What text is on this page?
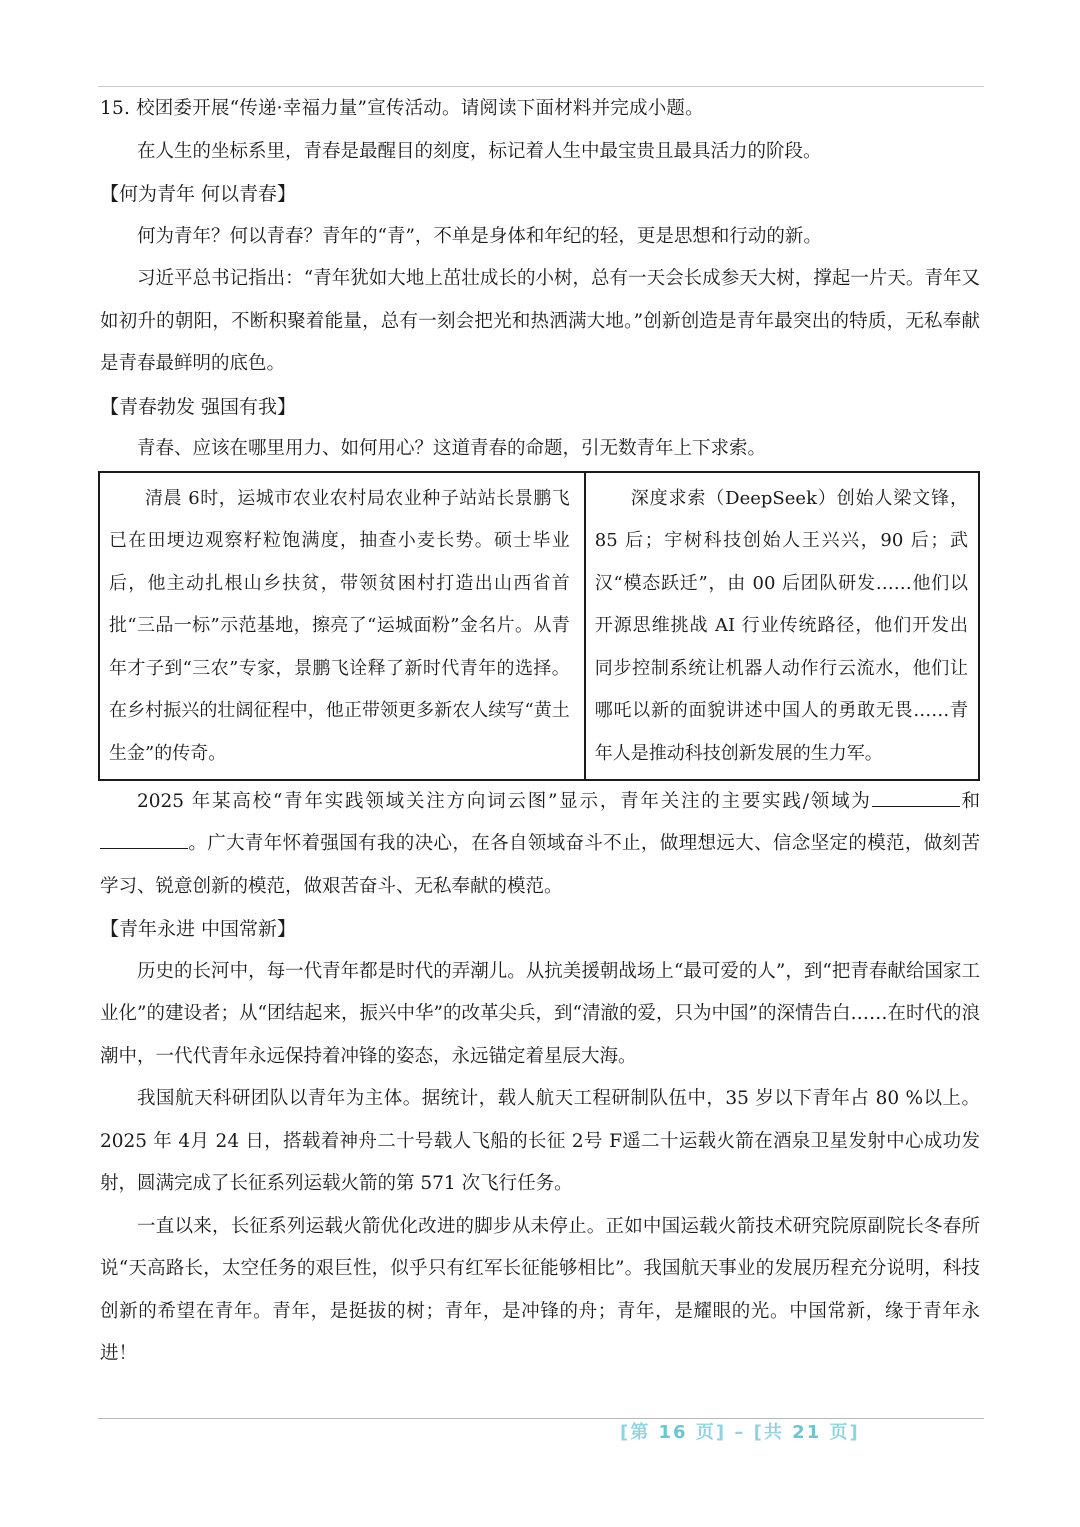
15. 校团委开展“传递·幸福力量”宣传活动。请阅读下面材料并完成小题。

在人生的坐标系里，青春是最醒目的刻度，标记着人生中最宝贵且最具活力的阶段。

【何为青年 何以青春】

何为青年？何以青春？青年的“青”，不单是身体和年纪的轻，更是思想和行动的新。

习近平总书记指出：“青年犹如大地上茁壮成长的小树，总有一天会长成参天大树，撑起一片天。青年又如初升的朝阳，不断积聚着能量，总有一刻会把光和热洒满大地。”创新创造是青年最突出的特质，无私奉献是青春最鲜明的底色。

【青春勃发 强国有我】

青春、应该在哪里用力、如何用心？这道青春的命题，引无数青年上下求索。

清晨 6时，运城市农业农村局农业种子站站长景鹏飞已在田埂边观察籽粒饱满度，抽查小麦长势。硕士毕业后，他主动扎根山乡扶贫，带领贫困村打造出山西省首批“三品一标”示范基地，擦亮了“运城面粉”金名片。从青年才子到“三农”专家，景鹏飞诠释了新时代青年的选择。在乡村振兴的壮阔征程中，他正带领更多新农人续写“黄土生金”的传奇。

深度求索（DeepSeek）创始人梁文锋，85 后；宇树科技创始人王兴兴，90 后；武汉“模态跃迁”，由 00 后团队研发……他们以开源思维挑战 AI 行业传统路径，他们开发出同步控制系统让机器人动作行云流水，他们让哪吒以新的面貌讲述中国人的勇敢无畏……青年人是推动科技创新发展的生力军。

2025 年某高校“青年实践领域关注方向词云图”显示，青年关注的主要实践/领域为	和。广大青年怀着强国有我的决心，在各自领域奋斗不止，做理想远大、信念坚定的模范，做刻苦学习、锐意创新的模范，做艰苦奋斗、无私奉献的模范。

【青年永进 中国常新】

历史的长河中，每一代青年都是时代的弄潮儿。从抗美援朝战场上“最可爱的人”，到“把青春献给国家工业化”的建设者；从“团结起来，振兴中华”的改革尖兵，到“清澈的爱，只为中国”的深情告白……在时代的浪潮中，一代代青年永远保持着冲锋的姿态，永远锚定着星辰大海。

我国航天科研团队以青年为主体。据统计，载人航天工程研制队伍中，35 岁以下青年占 80 %以上。2025 年 4月 24 日，搭载着神舟二十号载人飞船的长征 2号 F遥二十运载火箭在酒泉卫星发射中心成功发射，圆满完成了长征系列运载火箭的第 571 次飞行任务。

一直以来，长征系列运载火箭优化改进的脚步从未停止。正如中国运载火箭技术研究院原副院长冬春所说“天高路长，太空任务的艰巨性，似乎只有红军长征能够相比”。我国航天事业的发展历程充分说明，科技创新的希望在青年。青年，是挺拔的树；青年，是冲锋的舟；青年，是耀眼的光。中国常新，缘于青年永进！

[第 16 页] – [共 21 页]
